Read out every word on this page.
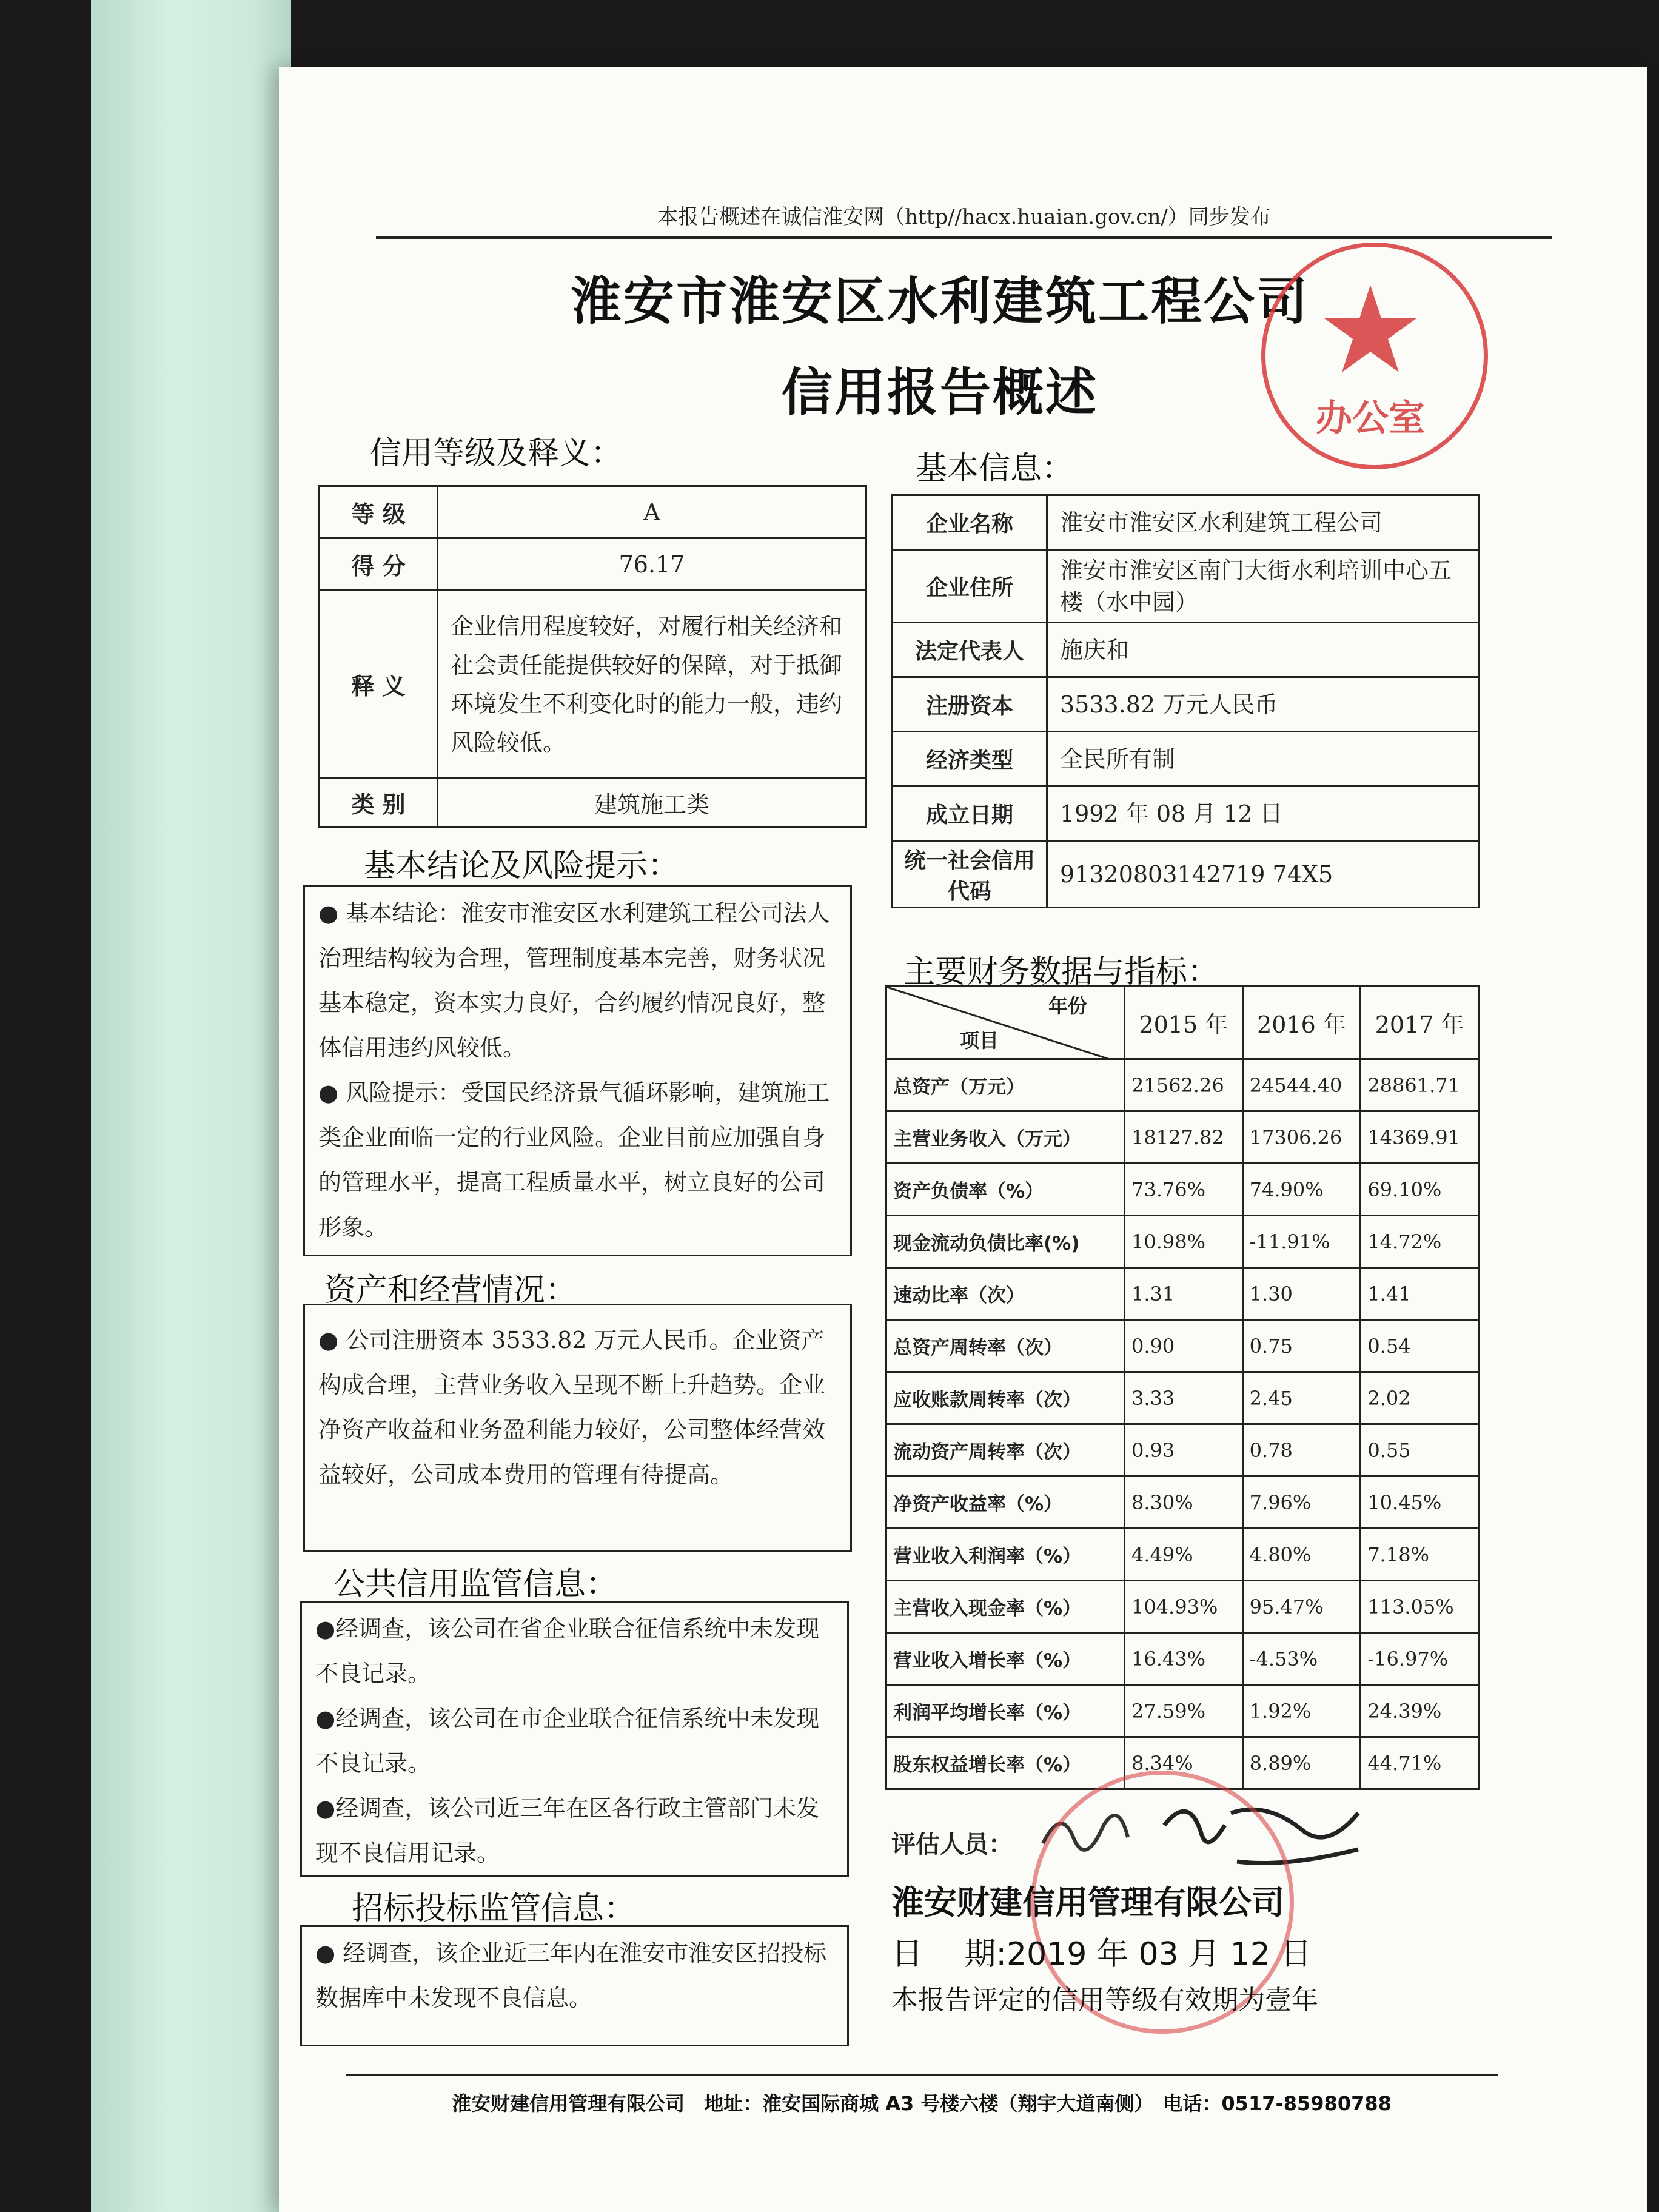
本报告概述在诚信淮安网（http//hacx.huaian.gov.cn/）同步发布
淮安市淮安区水利建筑工程公司
信用报告概述	办公室
信用等级及释义：
等 级	A
得 分	76.17
释 义	企业信用程度较好，对履行相关经济和社会责任能提供较好的保障，对于抵御环境发生不利变化时的能力一般，违约风险较低。
类 别	建筑施工类
基本结论及风险提示：

● 基本结论：淮安市淮安区水利建筑工程公司法人治理结构较为合理，管理制度基本完善，财务状况基本稳定，资本实力良好，合约履约情况良好，整体信用违约风较低。

● 风险提示：受国民经济景气循环影响，建筑施工类企业面临一定的行业风险。企业目前应加强自身的管理水平，提高工程质量水平，树立良好的公司形象。

资产和经营情况：

● 公司注册资本 3533.82 万元人民币。企业资产构成合理，主营业务收入呈现不断上升趋势。企业净资产收益和业务盈利能力较好，公司整体经营效益较好，公司成本费用的管理有待提高。

公共信用监管信息：

●经调查，该公司在省企业联合征信系统中未发现不良记录。

●经调查，该公司在市企业联合征信系统中未发现不良记录。

●经调查，该公司近三年在区各行政主管部门未发现不良信用记录。

招标投标监管信息：

● 经调查，该企业近三年内在淮安市淮安区招投标数据库中未发现不良信息。

基本信息：
企业名称	淮安市淮安区水利建筑工程公司
企业住所	淮安市淮安区南门大街水利培训中心五楼（水中园）
法定代表人	施庆和
注册资本	3533.82 万元人民币
经济类型	全民所有制
成立日期	1992 年 08 月 12 日
统一社会信用代码	91320803142719 74X5
主要财务数据与指标：
年份
项目	2015 年	2016 年	2017 年
总资产（万元）	21562.26	24544.40	28861.71
主营业务收入（万元）	18127.82	17306.26	14369.91
资产负债率（%）	73.76%	74.90%	69.10%
现金流动负债比率(%)	10.98%	-11.91%	14.72%
速动比率（次）	1.31	1.30	1.41
总资产周转率（次）	0.90	0.75	0.54
应收账款周转率（次）	3.33	2.45	2.02
流动资产周转率（次）	0.93	0.78	0.55
净资产收益率（%）	8.30%	7.96%	10.45%
营业收入利润率（%）	4.49%	4.80%	7.18%
主营收入现金率（%）	104.93%	95.47%	113.05%
营业收入增长率（%）	16.43%	-4.53%	-16.97%
利润平均增长率（%）	27.59%	1.92%	24.39%
股东权益增长率（%）	8.34%	8.89%	44.71%
评估人员：
淮安财建信用管理有限公司
日　 期:2019 年 03 月 12 日
本报告评定的信用等级有效期为壹年
淮安财建信用管理有限公司　地址：淮安国际商城 A3 号楼六楼（翔宇大道南侧）　电话：0517-85980788
